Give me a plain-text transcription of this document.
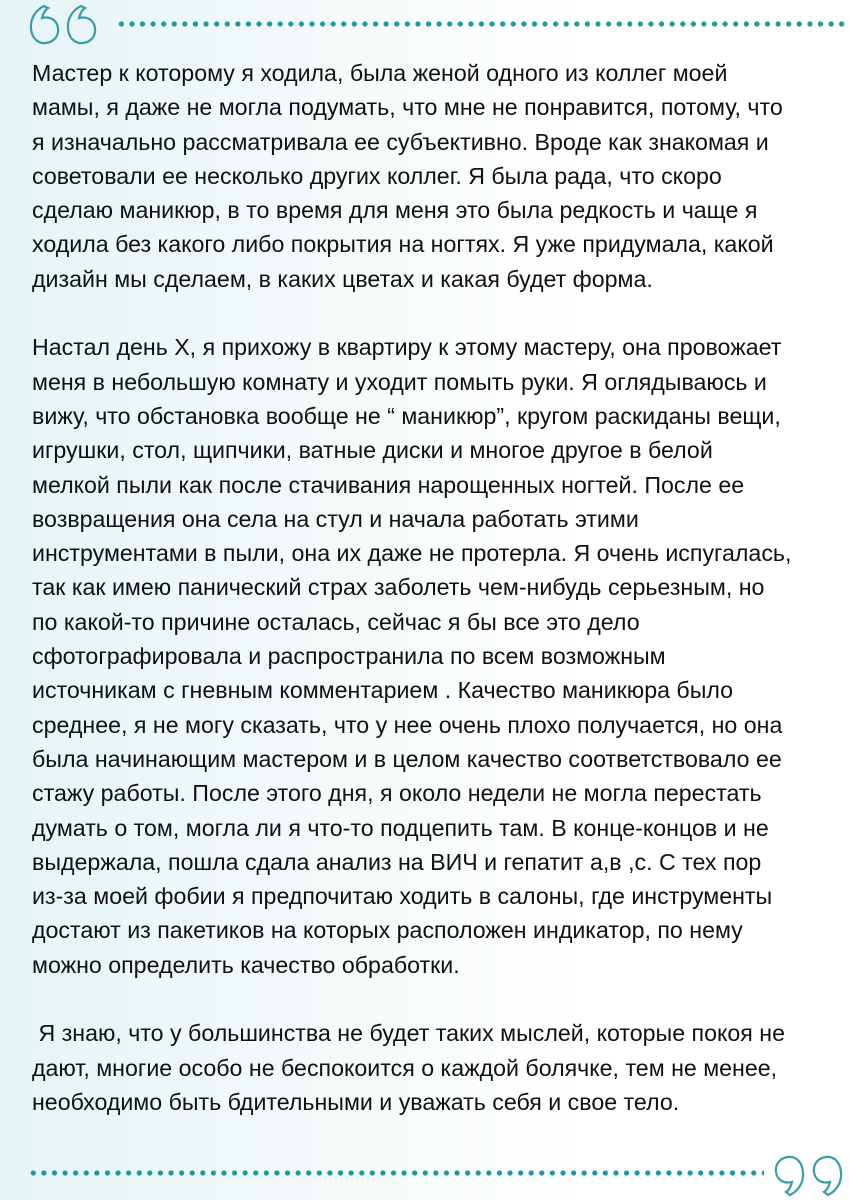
Мастер к которому я ходила, была женой одного из коллег моей
мамы, я даже не могла подумать, что мне не понравится, потому, что
я изначально рассматривала ее субъективно. Вроде как знакомая и
советовали ее несколько других коллег. Я была рада, что скоро
сделаю маникюр, в то время для меня это была редкость и чаще я
ходила без какого либо покрытия на ногтях. Я уже придумала, какой
дизайн мы сделаем, в каких цветах и какая будет форма.
Настал день Х, я прихожу в квартиру к этому мастеру, она провожает
меня в небольшую комнату и уходит помыть руки. Я оглядываюсь и
вижу, что обстановка вообще не “ маникюр”, кругом раскиданы вещи,
игрушки, стол, щипчики, ватные диски и многое другое в белой
мелкой пыли как после стачивания нарощенных ногтей. После ее
возвращения она села на стул и начала работать этими
инструментами в пыли, она их даже не протерла. Я очень испугалась,
так как имею панический страх заболеть чем-нибудь серьезным, но
по какой-то причине осталась, сейчас я бы все это дело
сфотографировала и распространила по всем возможным
источникам с гневным комментарием . Качество маникюра было
среднее, я не могу сказать, что у нее очень плохо получается, но она
была начинающим мастером и в целом качество соответствовало ее
стажу работы. После этого дня, я около недели не могла перестать
думать о том, могла ли я что-то подцепить там. В конце-концов и не
выдержала, пошла сдала анализ на ВИЧ и гепатит а,в ,с. С тех пор
из-за моей фобии я предпочитаю ходить в салоны, где инструменты
достают из пакетиков на которых расположен индикатор, по нему
можно определить качество обработки.
Я знаю, что у большинства не будет таких мыслей, которые покоя не
дают, многие особо не беспокоится о каждой болячке, тем не менее,
необходимо быть бдительными и уважать себя и свое тело.
